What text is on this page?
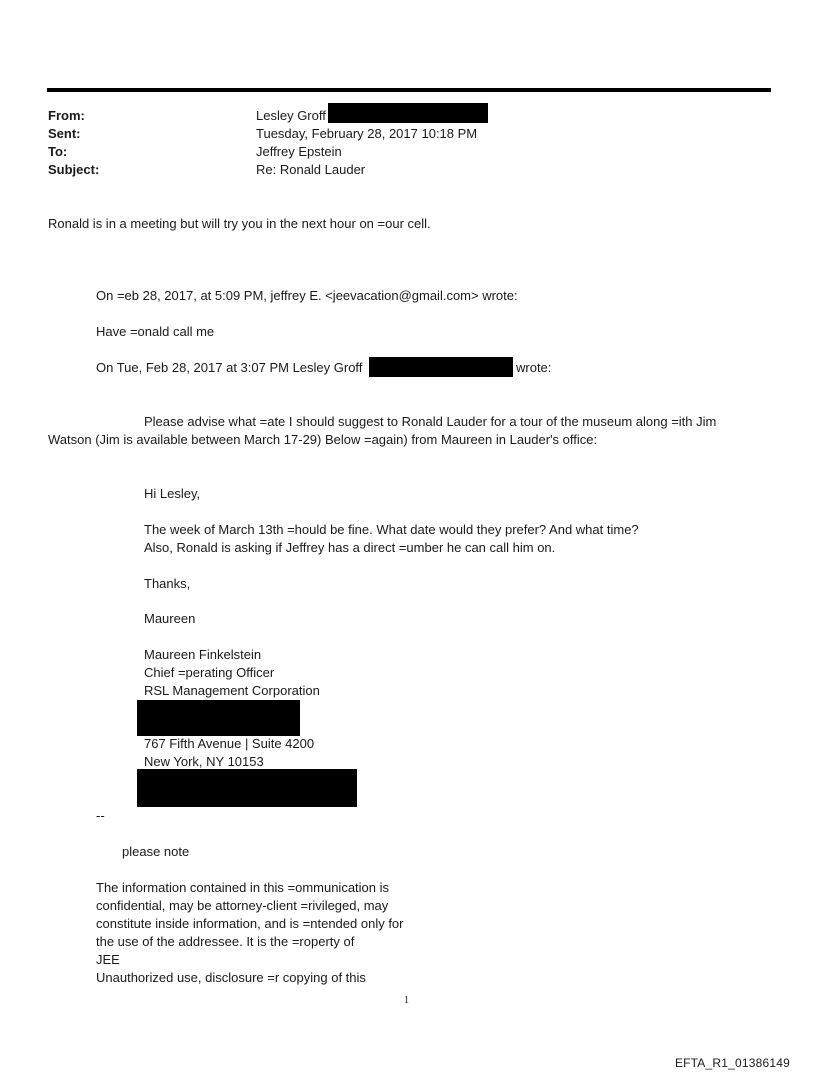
From:	Lesley Groff
Sent:	Tuesday, February 28, 2017 10:18 PM
To:	Jeffrey Epstein
Subject:	Re: Ronald Lauder
Ronald is in a meeting but will try you in the next hour on =our cell.
On =eb 28, 2017, at 5:09 PM, jeffrey E. <jeevacation@gmail.com> wrote:
Have =onald call me
On Tue, Feb 28, 2017 at 3:07 PM Lesley Groff	wrote:
Please advise what =ate I should suggest to Ronald Lauder for a tour of the museum along =ith Jim
Watson (Jim is available between March 17-29) Below =again) from Maureen in Lauder's office:
Hi Lesley,
The week of March 13th =hould be fine. What date would they prefer? And what time?
Also, Ronald is asking if Jeffrey has a direct =umber he can call him on.
Thanks,
Maureen
Maureen Finkelstein
Chief =perating Officer
RSL Management Corporation
767 Fifth Avenue | Suite 4200
New York, NY 10153
--
please note
The information contained in this =ommunication is
confidential, may be attorney-client =rivileged, may
constitute inside information, and is =ntended only for
the use of the addressee. It is the =roperty of
JEE
Unauthorized use, disclosure =r copying of this
1
EFTA_R1_01386149
